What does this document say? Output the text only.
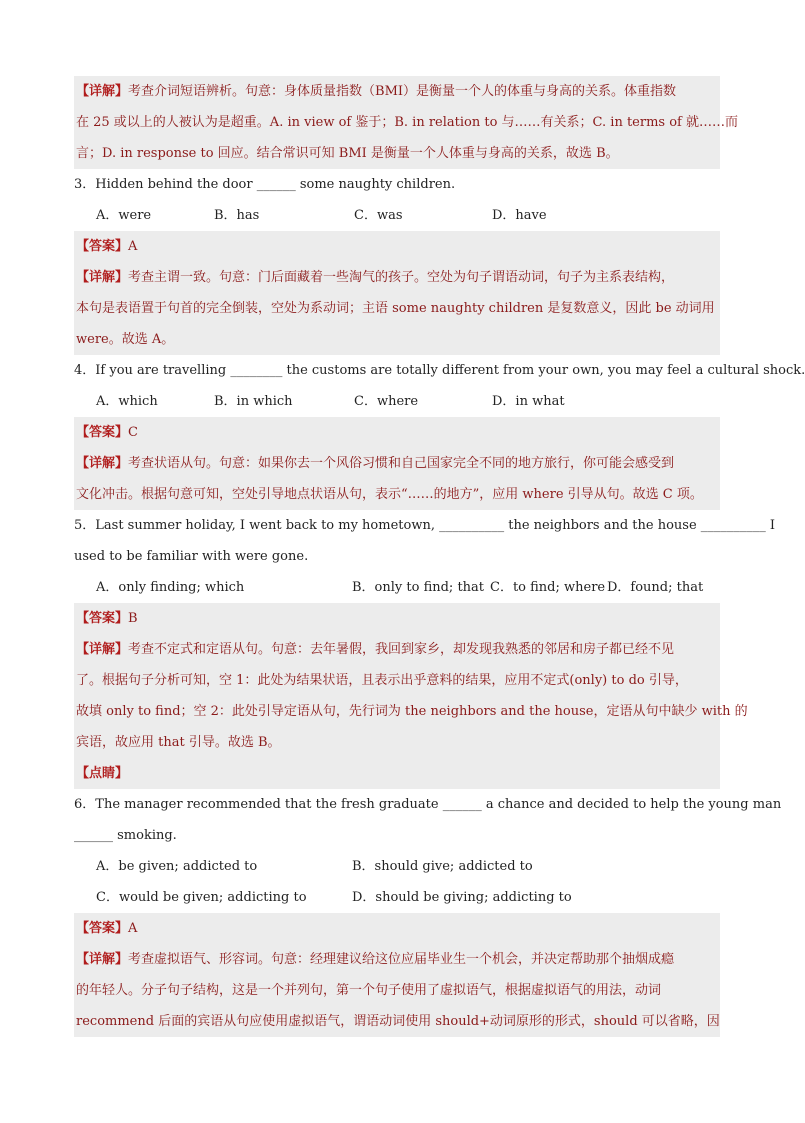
【详解】考查介词短语辨析。句意：身体质量指数（BMI）是衡量一个人的体重与身高的关系。体重指数
在 25 或以上的人被认为是超重。A. in view of 鉴于；B. in relation to 与……有关系；C. in terms of 就……而
言；D. in response to 回应。结合常识可知 BMI 是衡量一个人体重与身高的关系，故选 B。
3．Hidden behind the door ______ some naughty children.
A．were	B．has	C．was	D．have
【答案】A
【详解】考查主谓一致。句意：门后面藏着一些淘气的孩子。空处为句子谓语动词，句子为主系表结构，
本句是表语置于句首的完全倒装，空处为系动词；主语 some naughty children 是复数意义，因此 be 动词用
were。故选 A。
4．If you are travelling ________ the customs are totally different from your own, you may feel a cultural shock.
A．which	B．in which	C．where	D．in what
【答案】C
【详解】考查状语从句。句意：如果你去一个风俗习惯和自己国家完全不同的地方旅行，你可能会感受到
文化冲击。根据句意可知，空处引导地点状语从句，表示“……的地方”，应用 where 引导从句。故选 C 项。
5．Last summer holiday, I went back to my hometown, __________ the neighbors and the house __________ I
used to be familiar with were gone.
A．only finding; which	B．only to find; that C．to find; where D．found; that
【答案】B
【详解】考查不定式和定语从句。句意：去年暑假，我回到家乡，却发现我熟悉的邻居和房子都已经不见
了。根据句子分析可知，空 1：此处为结果状语，且表示出乎意料的结果，应用不定式(only) to do 引导，
故填 only to find；空 2：此处引导定语从句，先行词为 the neighbors and the house，定语从句中缺少 with 的
宾语，故应用 that 引导。故选 B。
【点睛】
6．The manager recommended that the fresh graduate ______ a chance and decided to help the young man
______ smoking.
A．be given; addicted to	B．should give; addicted to
C．would be given; addicting to	D．should be giving; addicting to
【答案】A
【详解】考查虚拟语气、形容词。句意：经理建议给这位应届毕业生一个机会，并决定帮助那个抽烟成瘾
的年轻人。分子句子结构，这是一个并列句，第一个句子使用了虚拟语气，根据虚拟语气的用法，动词
recommend 后面的宾语从句应使用虚拟语气，谓语动词使用 should+动词原形的形式，should 可以省略，因
